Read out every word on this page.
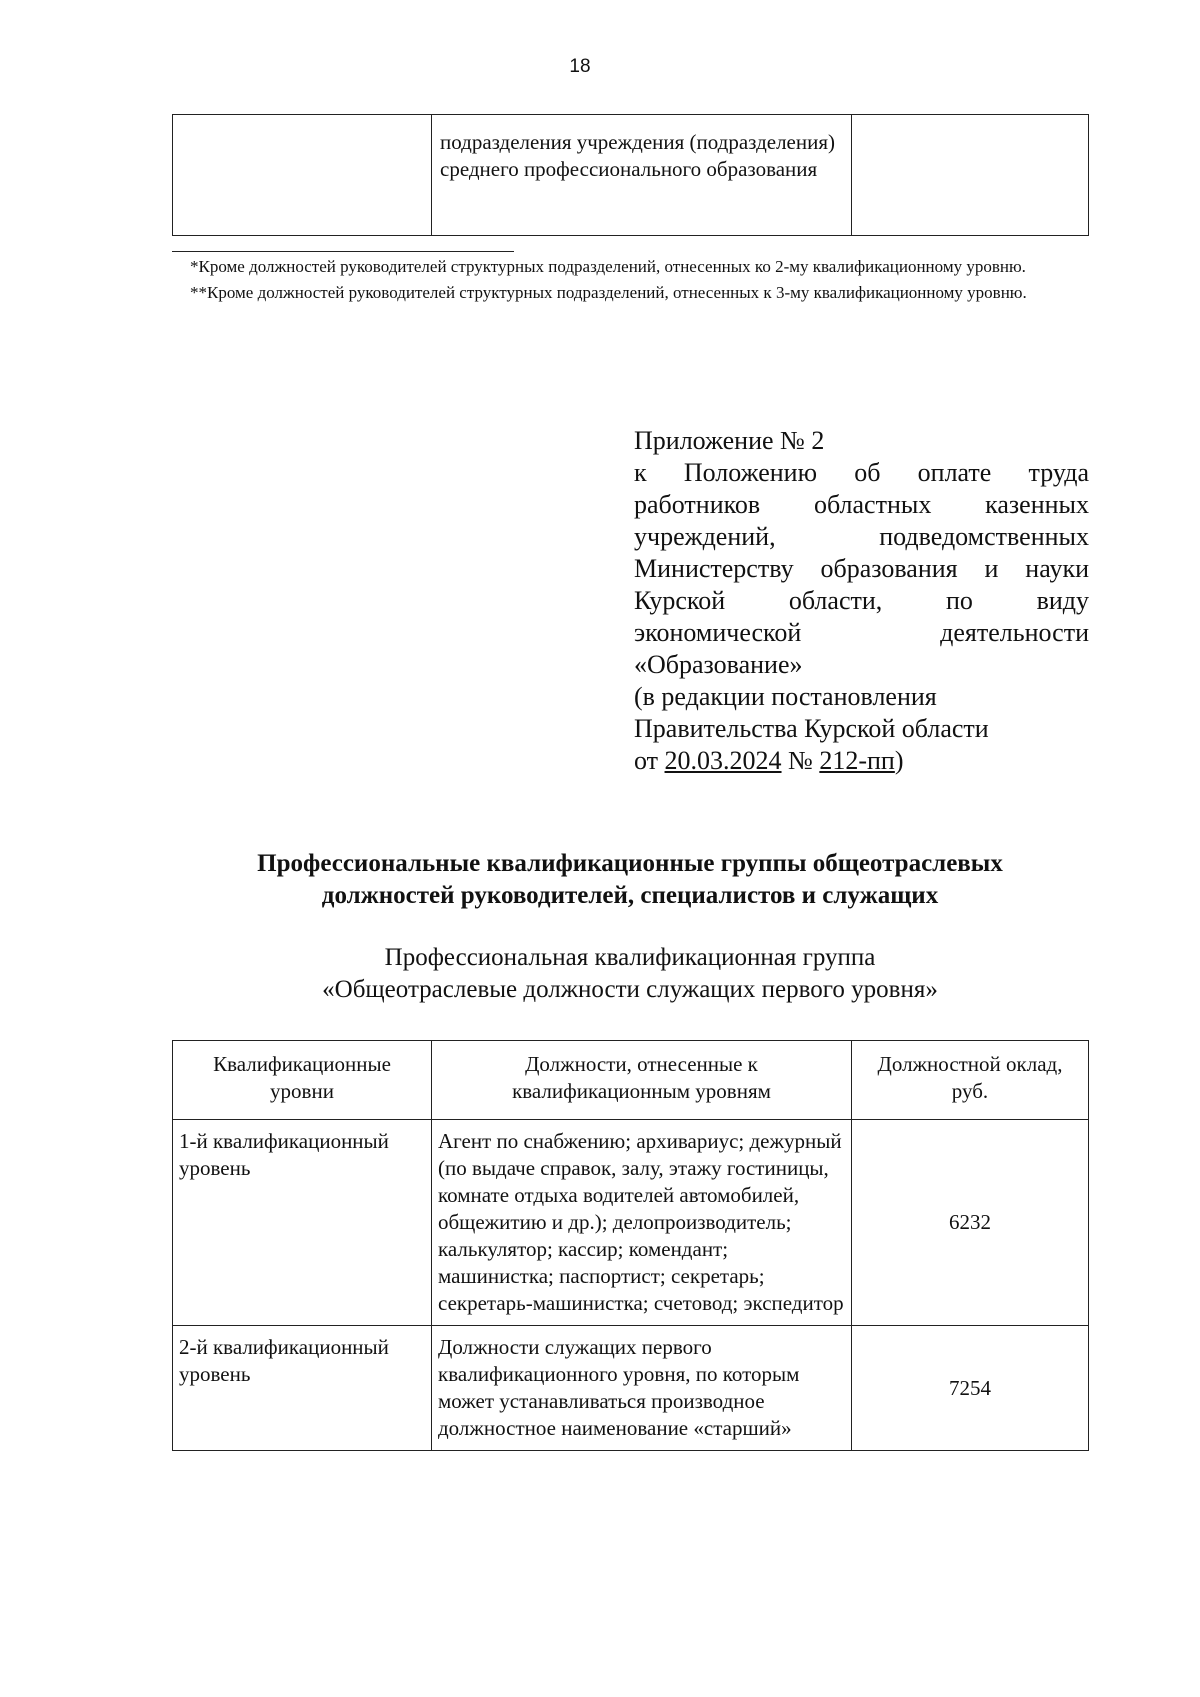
18
	подразделения учреждения (подразделения) среднего профессионального образования	

*Кроме должностей руководителей структурных подразделений, отнесенных ко 2-му квалификационному уровню.

**Кроме должностей руководителей структурных подразделений, отнесенных к 3-му квалификационному уровню.

Приложение № 2
к Положению об оплате труда
работников областных казенных
учреждений, подведомственных
Министерству образования и науки
Курской области, по виду
экономической деятельности
«Образование»
(в редакции постановления
Правительства Курской области
от 20.03.2024 № 212-пп)
Профессиональные квалификационные группы общеотраслевых
должностей руководителей, специалистов и служащих
Профессиональная квалификационная группа
«Общеотраслевые должности служащих первого уровня»
Квалификационные уровни	Должности, отнесенные к квалификационным уровням	Должностной оклад, руб.
1-й квалификационный уровень	Агент по снабжению; архивариус; дежурный (по выдаче справок, залу, этажу гостиницы, комнате отдыха водителей автомобилей, общежитию и др.); делопроизводитель; калькулятор; кассир; комендант; машинистка; паспортист; секретарь; секретарь-машинистка; счетовод; экспедитор	6232
2-й квалификационный уровень	Должности служащих первого квалификационного уровня, по которым может устанавливаться производное должностное наименование «старший»	7254
